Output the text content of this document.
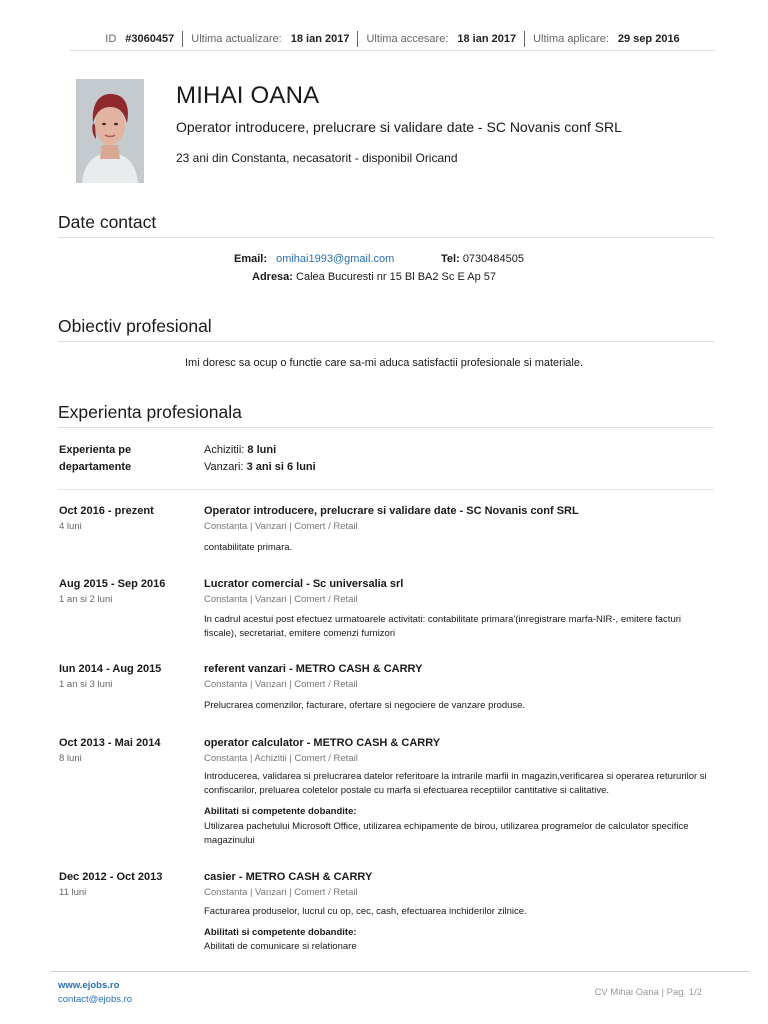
ID #3060457 Ultima actualizare: 18 ian 2017 Ultima accesare: 18 ian 2017 Ultima aplicare: 29 sep 2016
MIHAI OANA
Operator introducere, prelucrare si validare date - SC Novanis conf SRL
23 ani din Constanta, necasatorit - disponibil Oricand
Date contact
Email: omihai1993@gmail.com	Tel: 0730484505
Adresa: Calea Bucuresti nr 15 Bl BA2 Sc E Ap 57
Obiectiv profesional
Imi doresc sa ocup o functie care sa-mi aduca satisfactii profesionale si materiale.
Experienta profesionala
Experienta pe departamente
Achizitii: 8 luni
Vanzari: 3 ani si 6 luni
Oct 2016 - prezent
4 luni
Operator introducere, prelucrare si validare date - SC Novanis conf SRL
Constanta | Vanzari | Comert / Retail
contabilitate primara.
Aug 2015 - Sep 2016
1 an si 2 luni
Lucrator comercial - Sc universalia srl
Constanta | Vanzari | Comert / Retail
In cadrul acestui post efectuez urmatoarele activitati: contabilitate primara'(inregistrare marfa-NIR-, emitere facturi fiscale), secretariat, emitere comenzi furnizori
Iun 2014 - Aug 2015
1 an si 3 luni
referent vanzari - METRO CASH & CARRY
Constanta | Vanzari | Comert / Retail
Prelucrarea comenzilor, facturare, ofertare si negociere de vanzare produse.
Oct 2013 - Mai 2014
8 luni
operator calculator - METRO CASH & CARRY
Constanta | Achizitii | Comert / Retail
Introducerea, validarea si prelucrarea datelor referitoare la intrarile marfii in magazin,verificarea si operarea retururilor si confiscarilor, preluarea coletelor postale cu marfa si efectuarea receptiilor cantitative si calitative.
Abilitati si competente dobandite:
Utilizarea pachetului Microsoft Office, utilizarea echipamente de birou, utilizarea programelor de calculator specifice magazinului
Dec 2012 - Oct 2013
11 luni
casier - METRO CASH & CARRY
Constanta | Vanzari | Comert / Retail
Facturarea produselor, lucrul cu op, cec, cash, efectuarea inchiderilor zilnice.
Abilitati si competente dobandite:
Abilitati de comunicare si relationare
www.ejobs.ro
contact@ejobs.ro
CV Mihai Oana | Pag. 1/2
